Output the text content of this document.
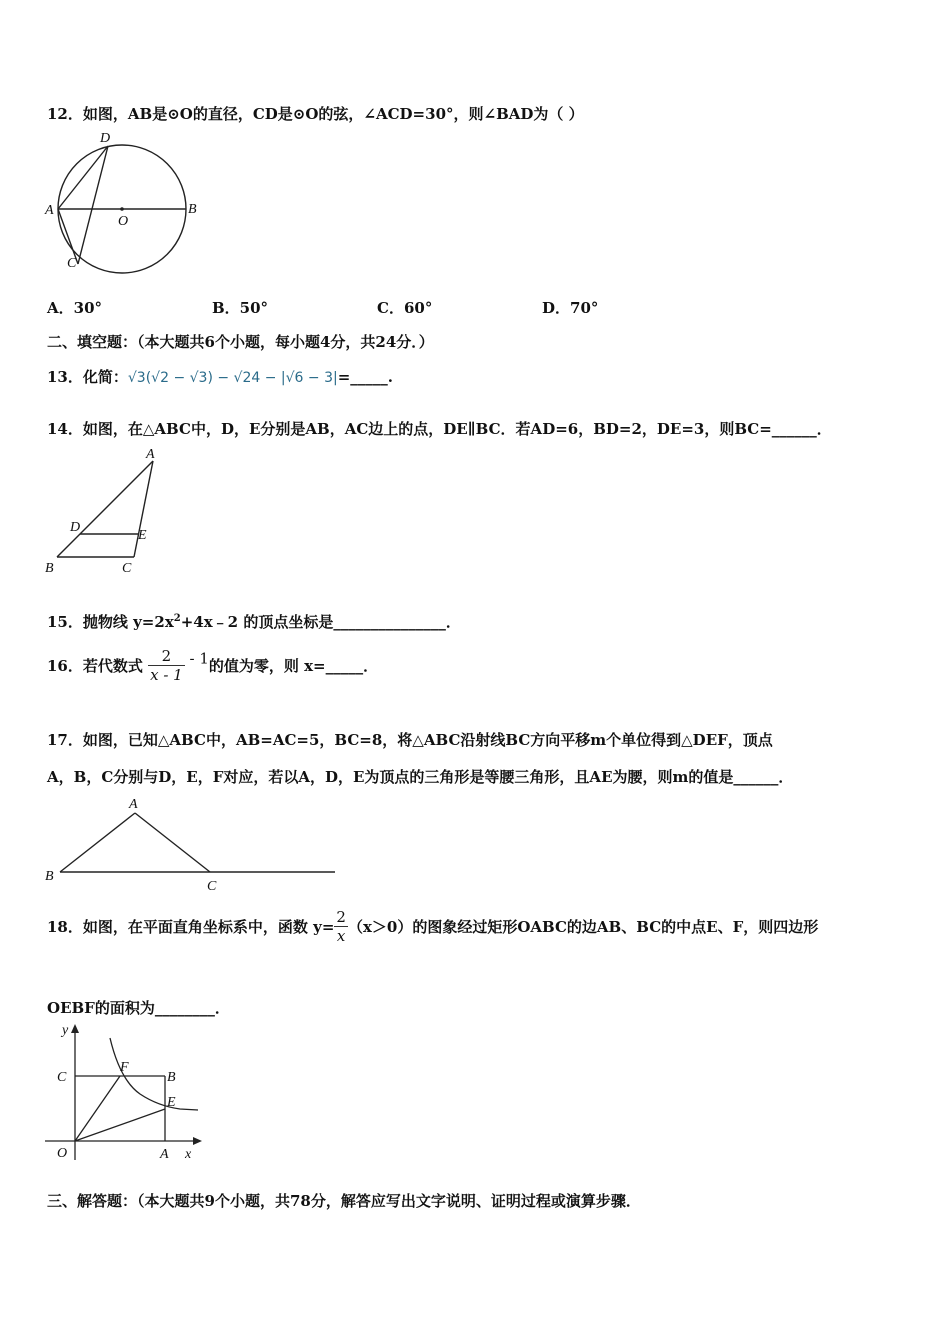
12．如图，AB是⊙O的直径，CD是⊙O的弦，∠ACD=30°，则∠BAD为（ ）
D
A
O
B
C
A．30°	B．50°	C．60°	D．70°
二、填空题：（本大题共6个小题，每小题4分，共24分．）
13．化简：√3(√2 − √3) − √24 − |√6 − 3|=_____.
14．如图，在△ABC中，D，E分别是AB，AC边上的点，DE∥BC．若AD=6，BD=2，DE=3，则BC=______．
A
D
E
B	C
15．抛物线 $y=2x^2+4x﹣2$ 的顶点坐标是_______________．
16．若代数式 $\frac{2}{x - 1} - 1$的值为零，则 x=_____．
17．如图，已知△ABC中，AB=AC=5，BC=8，将△ABC沿射线BC方向平移m个单位得到△DEF，顶点
A，B，C分别与D，E，F对应，若以A，D，E为顶点的三角形是等腰三角形，且AE为腰，则m的值是______．
A
B
C
18．如图，在平面直角坐标系中，函数 $y= \frac{2}{x} (x>0)$的图象经过矩形OABC的边AB、BC的中点E、F，则四边形
OEBF的面积为________．
y
C
F
B
E
O	A x
三、解答题：（本大题共9个小题，共78分，解答应写出文字说明、证明过程或演算步骤．
